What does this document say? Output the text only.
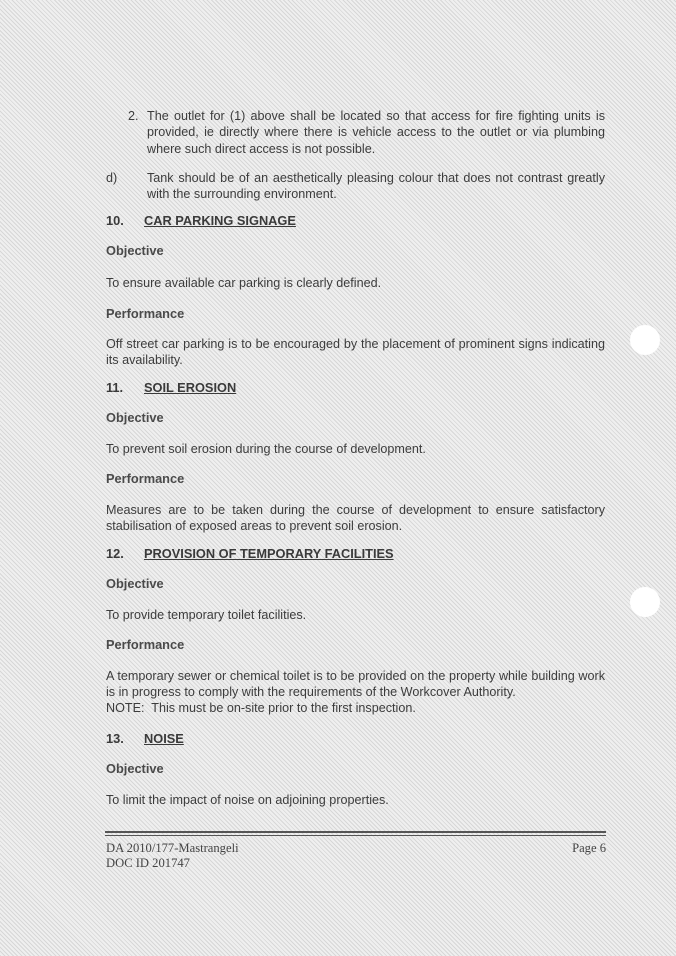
2. The outlet for (1) above shall be located so that access for fire fighting units is provided, ie directly where there is vehicle access to the outlet or via plumbing where such direct access is not possible.

d) Tank should be of an aesthetically pleasing colour that does not contrast greatly with the surrounding environment.

10. CAR PARKING SIGNAGE

Objective

To ensure available car parking is clearly defined.

Performance

Off street car parking is to be encouraged by the placement of prominent signs indicating its availability.

11. SOIL EROSION

Objective

To prevent soil erosion during the course of development.

Performance

Measures are to be taken during the course of development to ensure satisfactory stabilisation of exposed areas to prevent soil erosion.

12. PROVISION OF TEMPORARY FACILITIES

Objective

To provide temporary toilet facilities.

Performance

A temporary sewer or chemical toilet is to be provided on the property while building work is in progress to comply with the requirements of the Workcover Authority.

NOTE:  This must be on-site prior to the first inspection.

13. NOISE

Objective

To limit the impact of noise on adjoining properties.

DA 2010/177-Mastrangeli

DOC ID 201747

Page 6
